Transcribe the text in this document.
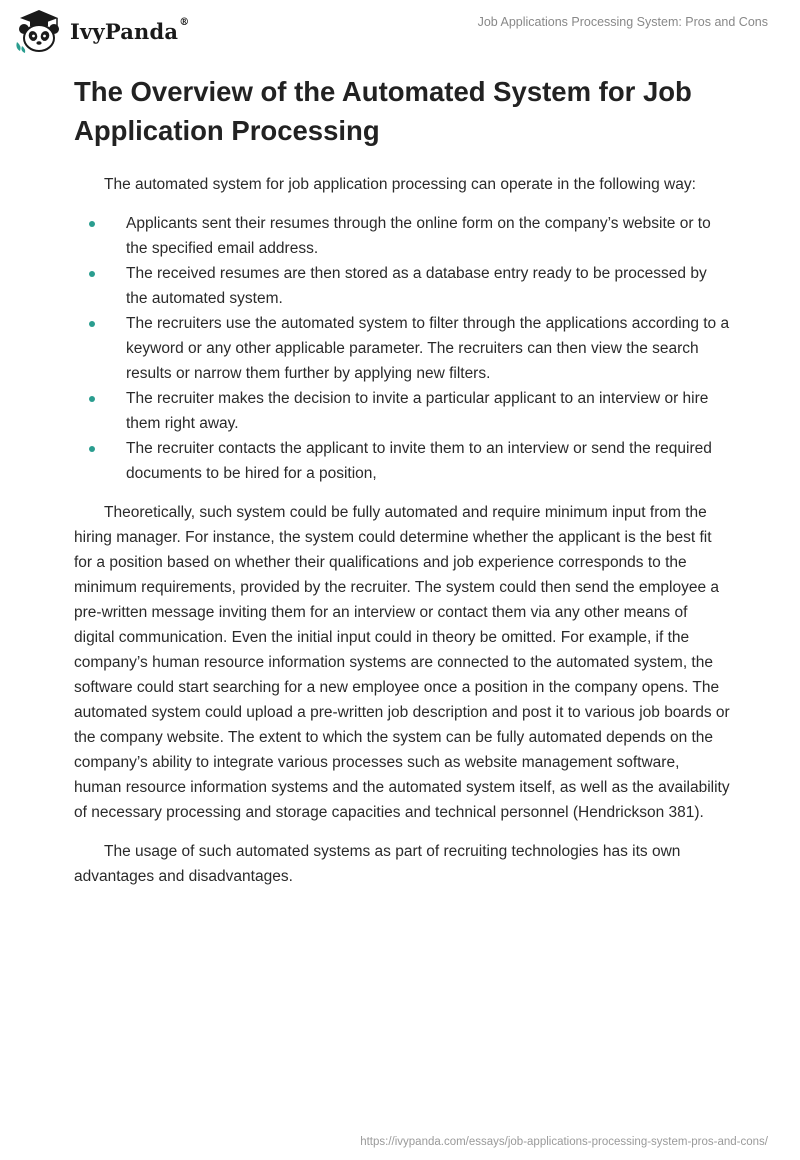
IvyPanda®	Job Applications Processing System: Pros and Cons
The Overview of the Automated System for Job Application Processing

The automated system for job application processing can operate in the following way:

Applicants sent their resumes through the online form on the company’s website or to the specified email address.
The received resumes are then stored as a database entry ready to be processed by the automated system.
The recruiters use the automated system to filter through the applications according to a keyword or any other applicable parameter. The recruiters can then view the search results or narrow them further by applying new filters.
The recruiter makes the decision to invite a particular applicant to an interview or hire them right away.
The recruiter contacts the applicant to invite them to an interview or send the required documents to be hired for a position,

Theoretically, such system could be fully automated and require minimum input from the hiring manager. For instance, the system could determine whether the applicant is the best fit for a position based on whether their qualifications and job experience corresponds to the minimum requirements, provided by the recruiter. The system could then send the employee a pre-written message inviting them for an interview or contact them via any other means of digital communication. Even the initial input could in theory be omitted. For example, if the company’s human resource information systems are connected to the automated system, the software could start searching for a new employee once a position in the company opens. The automated system could upload a pre-written job description and post it to various job boards or the company website. The extent to which the system can be fully automated depends on the company’s ability to integrate various processes such as website management software, human resource information systems and the automated system itself, as well as the availability of necessary processing and storage capacities and technical personnel (Hendrickson 381).

The usage of such automated systems as part of recruiting technologies has its own advantages and disadvantages.

https://ivypanda.com/essays/job-applications-processing-system-pros-and-cons/
